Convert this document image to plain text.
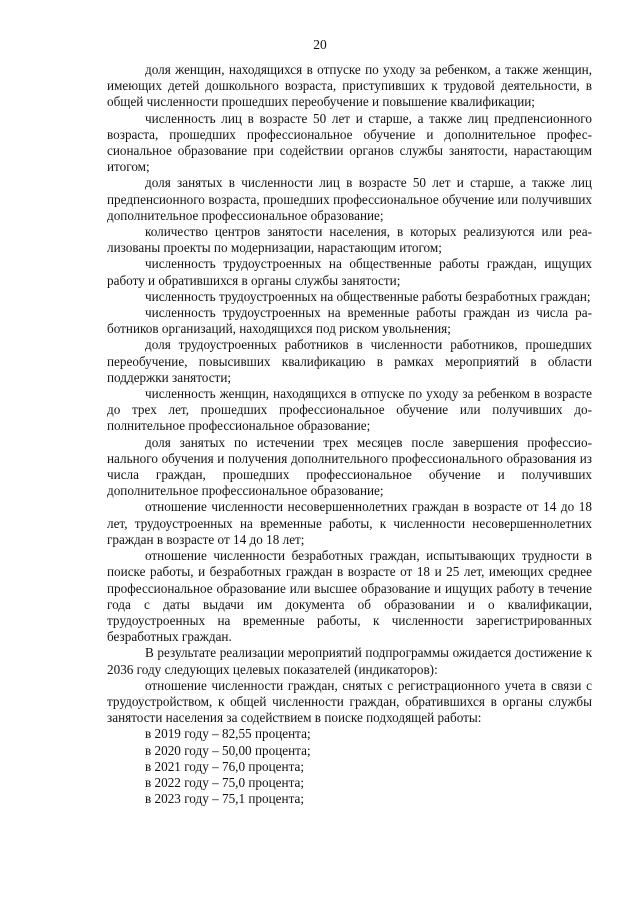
20

доля женщин, находящихся в отпуске по уходу за ребенком, а также женщин, имеющих детей дошкольного возраста, приступивших к трудовой деятельности, в общей численности прошедших переобучение и повышение квалификации;

численность лиц в возрасте 50 лет и старше, а также лиц предпенсионного возраста, прошедших профессиональное обучение и дополнительное профессиональное образование при содействии органов службы занятости, нарастающим итогом;

доля занятых в численности лиц в возрасте 50 лет и старше, а также лиц предпенсионного возраста, прошедших профессиональное обучение или получивших дополнительное профессиональное образование;

количество центров занятости населения, в которых реализуются или реализованы проекты по модернизации, нарастающим итогом;

численность трудоустроенных на общественные работы граждан, ищущих работу и обратившихся в органы службы занятости;

численность трудоустроенных на общественные работы безработных граждан;

численность трудоустроенных на временные работы граждан из числа работников организаций, находящихся под риском увольнения;

доля трудоустроенных работников в численности работников, прошедших переобучение, повысивших квалификацию в рамках мероприятий в области поддержки занятости;

численность женщин, находящихся в отпуске по уходу за ребенком в возрасте до трех лет, прошедших профессиональное обучение или получивших дополнительное профессиональное образование;

доля занятых по истечении трех месяцев после завершения профессионального обучения и получения дополнительного профессионального образования из числа граждан, прошедших профессиональное обучение и получивших дополнительное профессиональное образование;

отношение численности несовершеннолетних граждан в возрасте от 14 до 18 лет, трудоустроенных на временные работы, к численности несовершеннолетних граждан в возрасте от 14 до 18 лет;

отношение численности безработных граждан, испытывающих трудности в поиске работы, и безработных граждан в возрасте от 18 и 25 лет, имеющих среднее профессиональное образование или высшее образование и ищущих работу в течение года с даты выдачи им документа об образовании и о квалификации, трудоустроенных на временные работы, к численности зарегистрированных безработных граждан.

В результате реализации мероприятий подпрограммы ожидается достижение к 2036 году следующих целевых показателей (индикаторов):

отношение численности граждан, снятых с регистрационного учета в связи с трудоустройством, к общей численности граждан, обратившихся в органы службы занятости населения за содействием в поиске подходящей работы:

в 2019 году – 82,55 процента;

в 2020 году – 50,00 процента;

в 2021 году – 76,0 процента;

в 2022 году – 75,0 процента;

в 2023 году – 75,1 процента;
